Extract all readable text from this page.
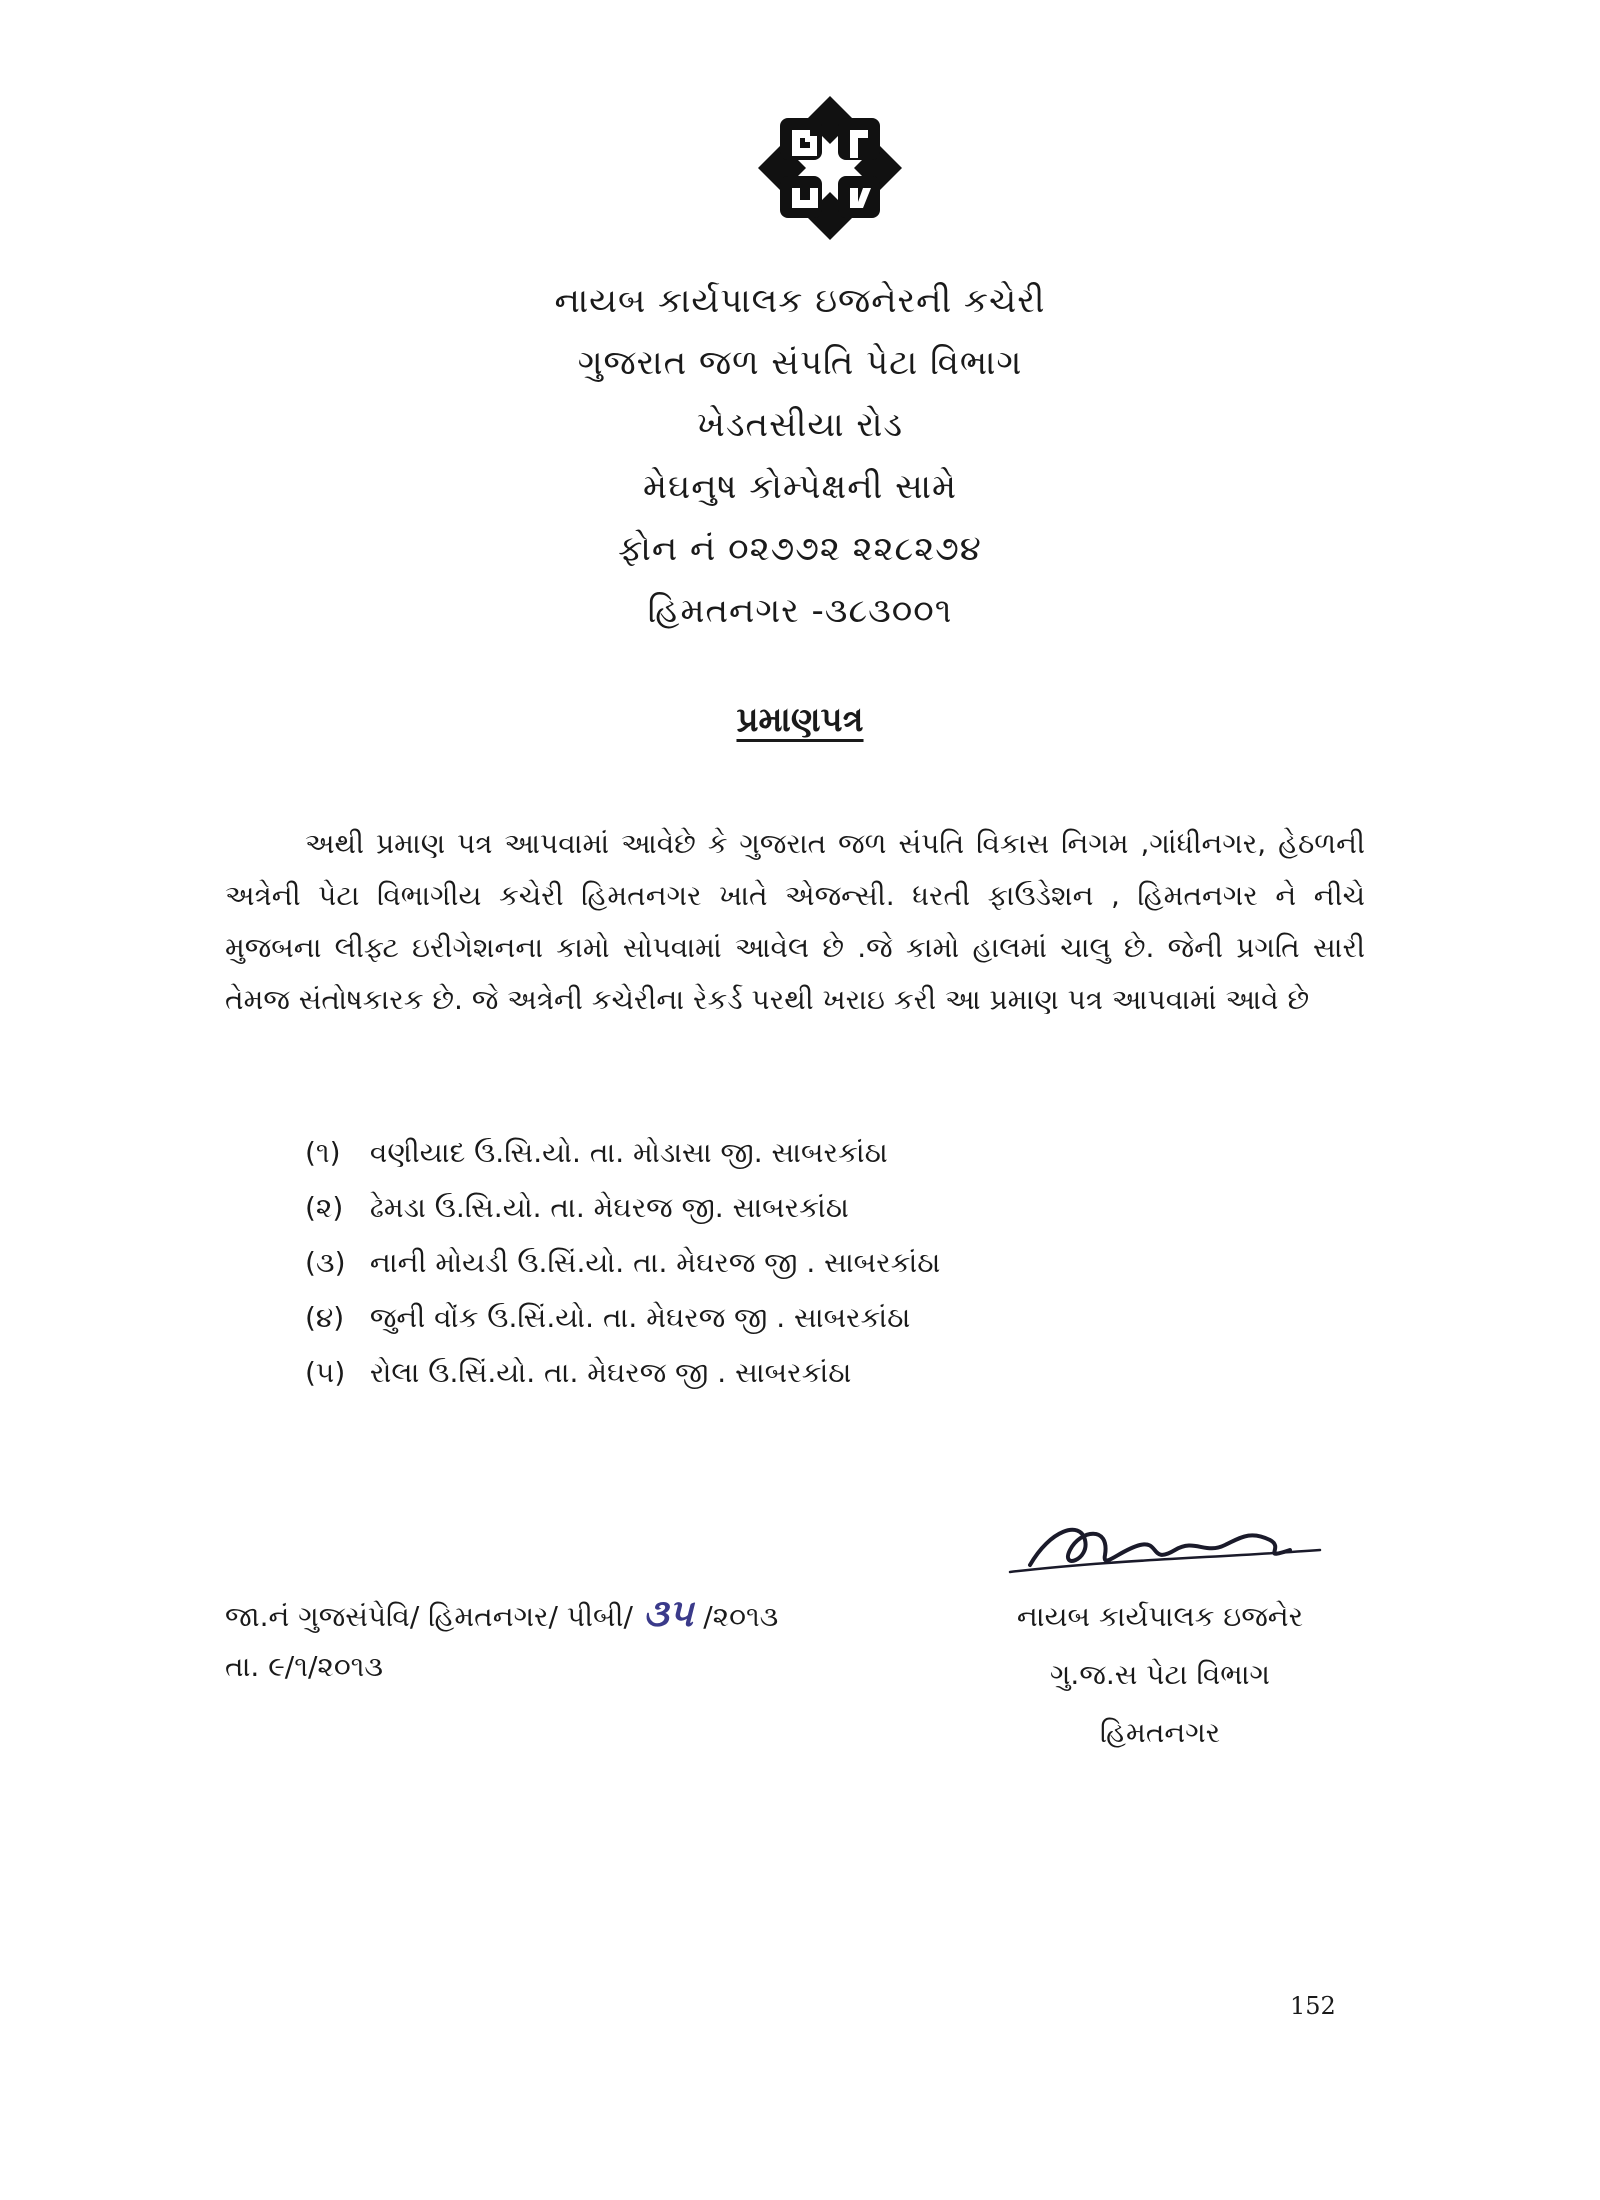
નાયબ કાર્યપાલક ઇજનેરની કચેરી
ગુજરાત જળ સંપતિ પેટા વિભાગ
ખેડતસીયા રોડ
મેઘનુષ કોમ્પેક્ષની સામે
ફોન નં ૦૨૭૭૨ ૨૨૮૨૭૪
હિમતનગર -૩૮૩૦૦૧
પ્રમાણપત્ર
અથી પ્રમાણ પત્ર આપવામાં આવેછે કે ગુજરાત જળ સંપતિ વિકાસ નિગમ ,ગાંધીનગર, હેઠળની અત્રેની પેટા વિભાગીય કચેરી હિમતનગર ખાતે એજન્સી. ધરતી ફાઉડેશન , હિમતનગર ને નીચે મુજબના લીફ્ટ ઇરીગેશનના કામો સોપવામાં આવેલ છે .જે કામો હાલમાં ચાલુ છે. જેની પ્રગતિ સારી તેમજ સંતોષકારક છે. જે અત્રેની કચેરીના રેકર્ડ પરથી ખરાઇ કરી આ પ્રમાણ પત્ર આપવામાં આવે છે
(૧) વણીયાદ ઉ.સિ.યો. તા. મોડાસા જી. સાબરકાંઠા
(૨) ઢેમડા ઉ.સિ.યો. તા. મેઘરજ જી. સાબરકાંઠા
(૩) નાની મોયડી ઉ.સિં.યો. તા. મેઘરજ જી . સાબરકાંઠા
(૪) જુની વોંક ઉ.સિં.યો. તા. મેઘરજ જી . સાબરકાંઠા
(૫) રોલા ઉ.સિં.યો. તા. મેઘરજ જી . સાબરકાંઠા
જા.નં ગુજસંપેવિ/ હિમતનગર/ પીબી/ ૩૫ /૨૦૧૩
તા. ૯/૧/૨૦૧૩
નાયબ કાર્યપાલક ઇજનેર
ગુ.જ.સ પેટા વિભાગ
હિમતનગર
152
